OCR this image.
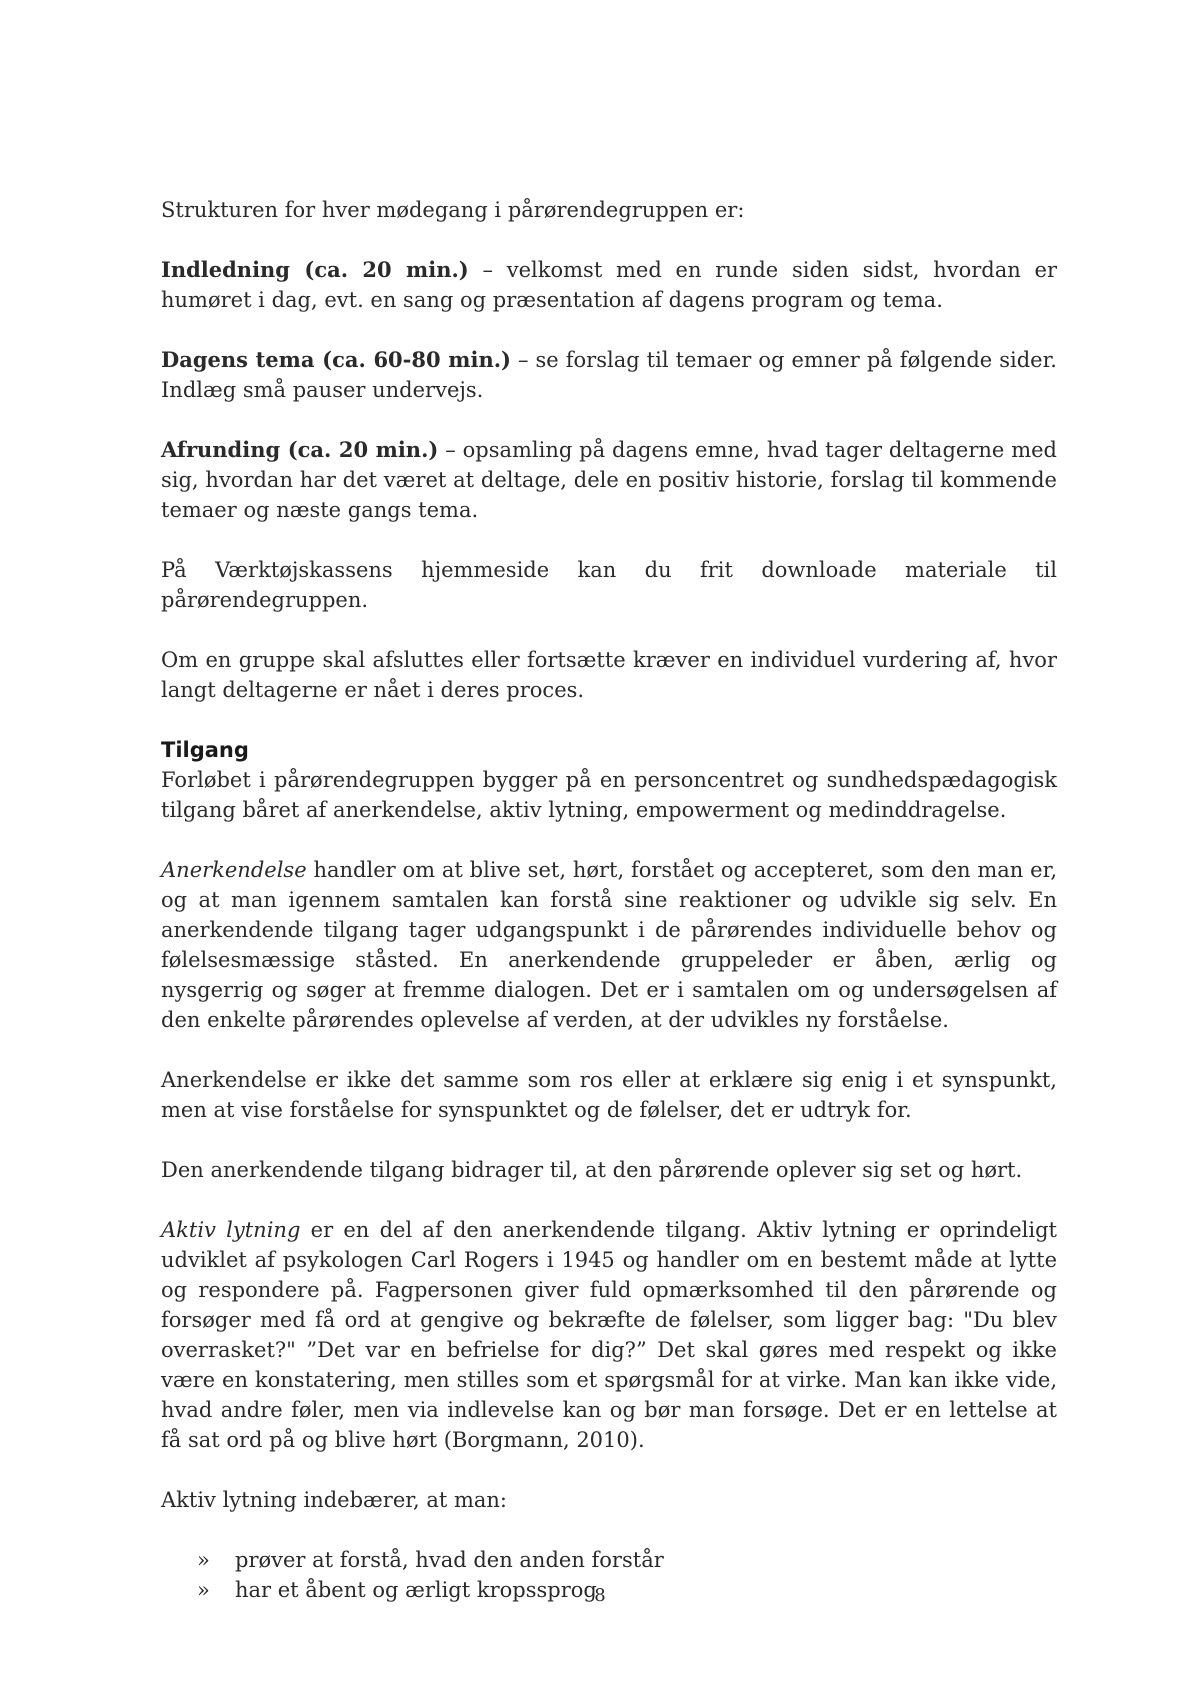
Strukturen for hver mødegang i pårørendegruppen er:

Indledning (ca. 20 min.) – velkomst med en runde siden sidst, hvordan er humøret i dag, evt. en sang og præsentation af dagens program og tema.

Dagens tema (ca. 60-80 min.) – se forslag til temaer og emner på følgende sider. Indlæg små pauser undervejs.

Afrunding (ca. 20 min.) – opsamling på dagens emne, hvad tager deltagerne med sig, hvordan har det været at deltage, dele en positiv historie, forslag til kommende temaer og næste gangs tema.

På Værktøjskassens hjemmeside kan du frit downloade materiale til pårørendegruppen.

Om en gruppe skal afsluttes eller fortsætte kræver en individuel vurdering af, hvor langt deltagerne er nået i deres proces.

Tilgang

Forløbet i pårørendegruppen bygger på en personcentret og sundhedspædagogisk tilgang båret af anerkendelse, aktiv lytning, empowerment og medinddragelse.

Anerkendelse handler om at blive set, hørt, forstået og accepteret, som den man er, og at man igennem samtalen kan forstå sine reaktioner og udvikle sig selv. En anerkendende tilgang tager udgangspunkt i de pårørendes individuelle behov og følelsesmæssige ståsted. En anerkendende gruppeleder er åben, ærlig og nysgerrig og søger at fremme dialogen. Det er i samtalen om og undersøgelsen af den enkelte pårørendes oplevelse af verden, at der udvikles ny forståelse.

Anerkendelse er ikke det samme som ros eller at erklære sig enig i et synspunkt, men at vise forståelse for synspunktet og de følelser, det er udtryk for.

Den anerkendende tilgang bidrager til, at den pårørende oplever sig set og hørt.

Aktiv lytning er en del af den anerkendende tilgang. Aktiv lytning er oprindeligt udviklet af psykologen Carl Rogers i 1945 og handler om en bestemt måde at lytte og respondere på. Fagpersonen giver fuld opmærksomhed til den pårørende og forsøger med få ord at gengive og bekræfte de følelser, som ligger bag: "Du blev overrasket?" ”Det var en befrielse for dig?” Det skal gøres med respekt og ikke være en konstatering, men stilles som et spørgsmål for at virke. Man kan ikke vide, hvad andre føler, men via indlevelse kan og bør man forsøge. Det er en lettelse at få sat ord på og blive hørt (Borgmann, 2010).

Aktiv lytning indebærer, at man:

» prøver at forstå, hvad den anden forstår
» har et åbent og ærligt kropssprog
8
